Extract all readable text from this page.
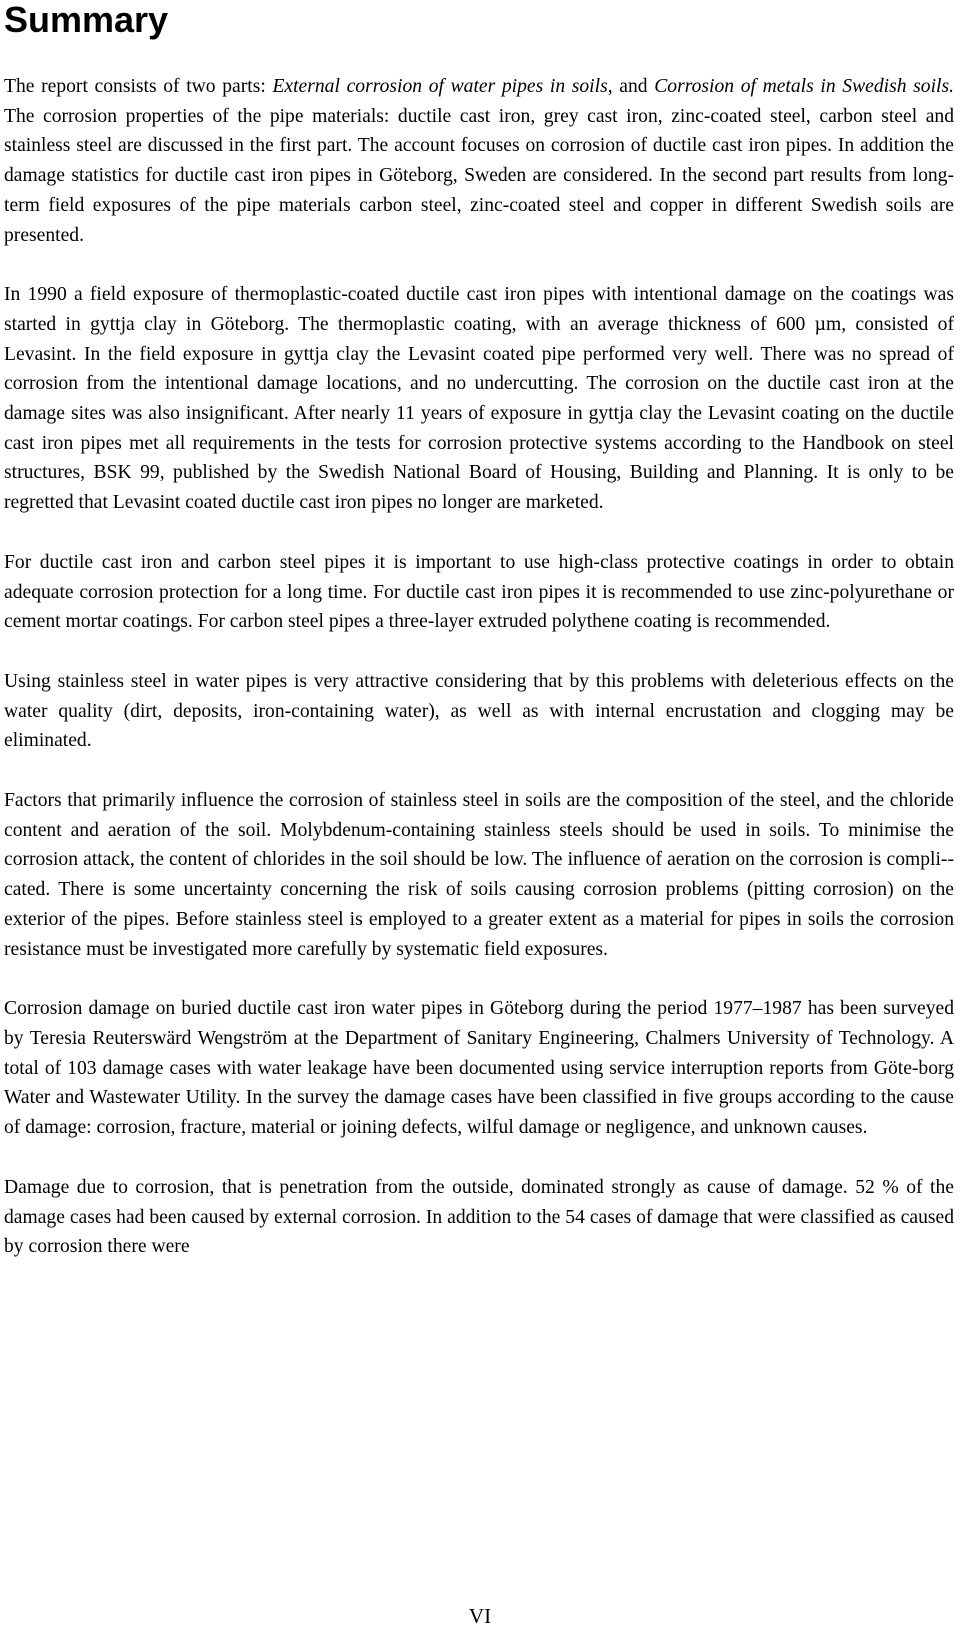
Summary

The report consists of two parts: External corrosion of water pipes in soils, and Corrosion of metals in Swedish soils. The corrosion properties of the pipe materials: ductile cast iron, grey cast iron, zinc-coated steel, carbon steel and stainless steel are discussed in the first part. The account focuses on corrosion of ductile cast iron pipes. In addition the damage statistics for ductile cast iron pipes in Göteborg, Sweden are considered. In the second part results from long-term field exposures of the pipe materials carbon steel, zinc-coated steel and copper in different Swedish soils are presented.

In 1990 a field exposure of thermoplastic-coated ductile cast iron pipes with intentional damage on the coatings was started in gyttja clay in Göteborg. The thermoplastic coating, with an average thickness of 600 µm, consisted of Levasint. In the field exposure in gyttja clay the Levasint coated pipe performed very well. There was no spread of corrosion from the intentional damage locations, and no undercutting. The corrosion on the ductile cast iron at the damage sites was also insignificant. After nearly 11 years of exposure in gyttja clay the Levasint coating on the ductile cast iron pipes met all requirements in the tests for corrosion protective systems according to the Handbook on steel structures, BSK 99, published by the Swedish National Board of Housing, Building and Planning. It is only to be regretted that Levasint coated ductile cast iron pipes no longer are marketed.

For ductile cast iron and carbon steel pipes it is important to use high-class protective coatings in order to obtain adequate corrosion protection for a long time. For ductile cast iron pipes it is recommended to use zinc-polyurethane or cement mortar coatings. For carbon steel pipes a three-layer extruded polythene coating is recommended.

Using stainless steel in water pipes is very attractive considering that by this problems with deleterious effects on the water quality (dirt, deposits, iron-containing water), as well as with internal encrustation and clogging may be eliminated.

Factors that primarily influence the corrosion of stainless steel in soils are the composition of the steel, and the chloride content and aeration of the soil. Molybdenum-containing stainless steels should be used in soils. To minimise the corrosion attack, the content of chlorides in the soil should be low. The influence of aeration on the corrosion is compli-cated. There is some uncertainty concerning the risk of soils causing corrosion problems (pitting corrosion) on the exterior of the pipes. Before stainless steel is employed to a greater extent as a material for pipes in soils the corrosion resistance must be investigated more carefully by systematic field exposures.

Corrosion damage on buried ductile cast iron water pipes in Göteborg during the period 1977–1987 has been surveyed by Teresia Reuterswärd Wengström at the Department of Sanitary Engineering, Chalmers University of Technology. A total of 103 damage cases with water leakage have been documented using service interruption reports from Göte-borg Water and Wastewater Utility. In the survey the damage cases have been classified in five groups according to the cause of damage: corrosion, fracture, material or joining defects, wilful damage or negligence, and unknown causes.

Damage due to corrosion, that is penetration from the outside, dominated strongly as cause of damage. 52 % of the damage cases had been caused by external corrosion. In addition to the 54 cases of damage that were classified as caused by corrosion there were

VI
